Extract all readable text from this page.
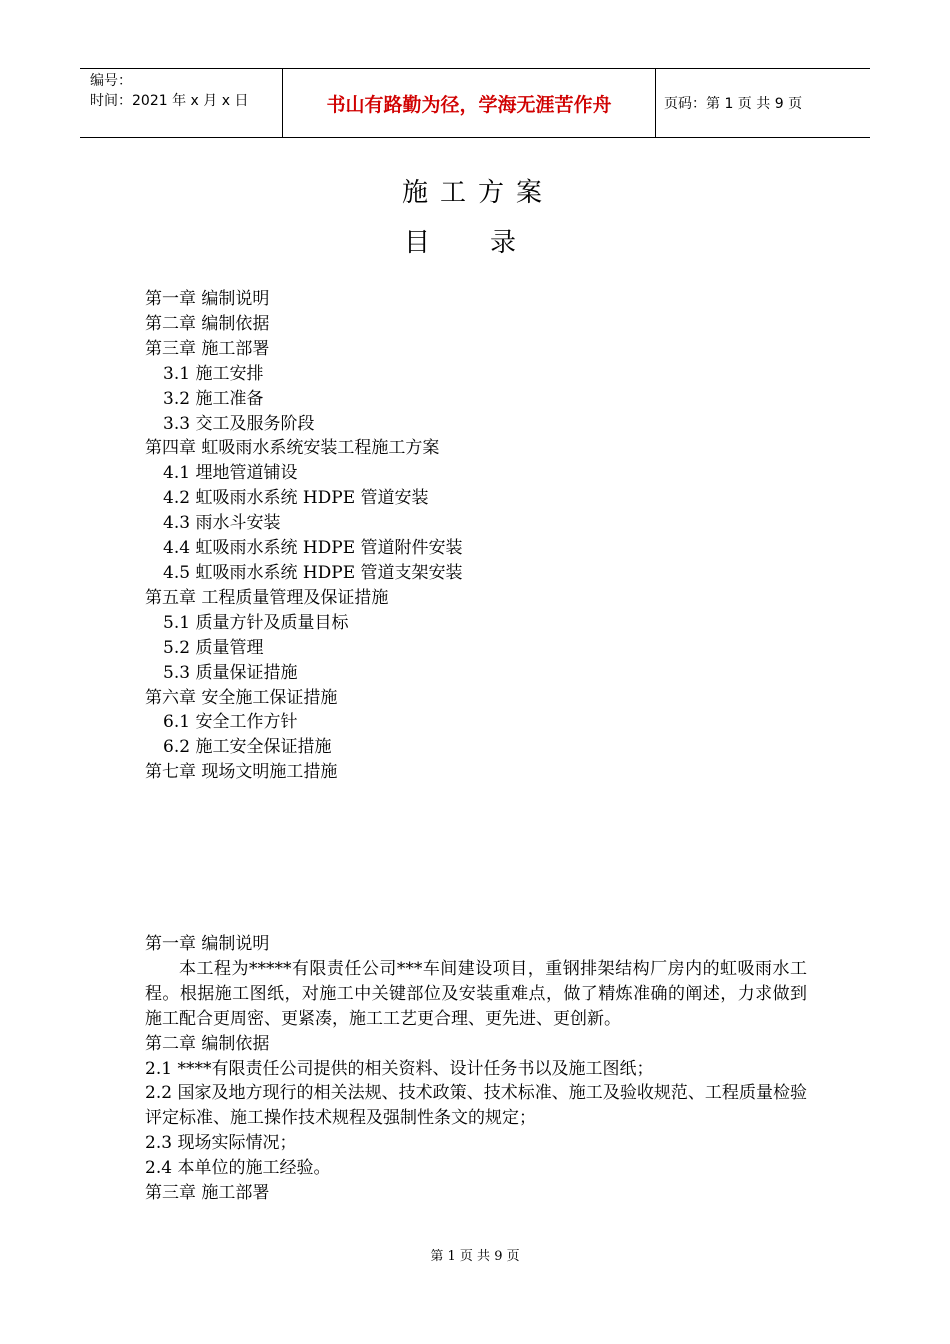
编号：
时间：2021 年 x 月 x 日	书山有路勤为径，学海无涯苦作舟	页码：第 1 页 共 9 页
施工方案
目录
第一章 编制说明
第二章 编制依据
第三章 施工部署
3.1 施工安排
3.2 施工准备
3.3 交工及服务阶段
第四章 虹吸雨水系统安装工程施工方案
4.1 埋地管道铺设
4.2 虹吸雨水系统 HDPE 管道安装
4.3 雨水斗安装
4.4 虹吸雨水系统 HDPE 管道附件安装
4.5 虹吸雨水系统 HDPE 管道支架安装
第五章 工程质量管理及保证措施
5.1 质量方针及质量目标
5.2 质量管理
5.3 质量保证措施
第六章 安全施工保证措施
6.1 安全工作方针
6.2 施工安全保证措施
第七章 现场文明施工措施
第一章 编制说明
本工程为*****有限责任公司***车间建设项目，重钢排架结构厂房内的虹吸雨水工程。根据施工图纸，对施工中关键部位及安装重难点，做了精炼准确的阐述，力求做到施工配合更周密、更紧凑，施工工艺更合理、更先进、更创新。
第二章 编制依据
2.1 ****有限责任公司提供的相关资料、设计任务书以及施工图纸；
2.2 国家及地方现行的相关法规、技术政策、技术标准、施工及验收规范、工程质量检验评定标准、施工操作技术规程及强制性条文的规定；
2.3 现场实际情况；
2.4 本单位的施工经验。
第三章 施工部署
第 1 页 共 9 页
